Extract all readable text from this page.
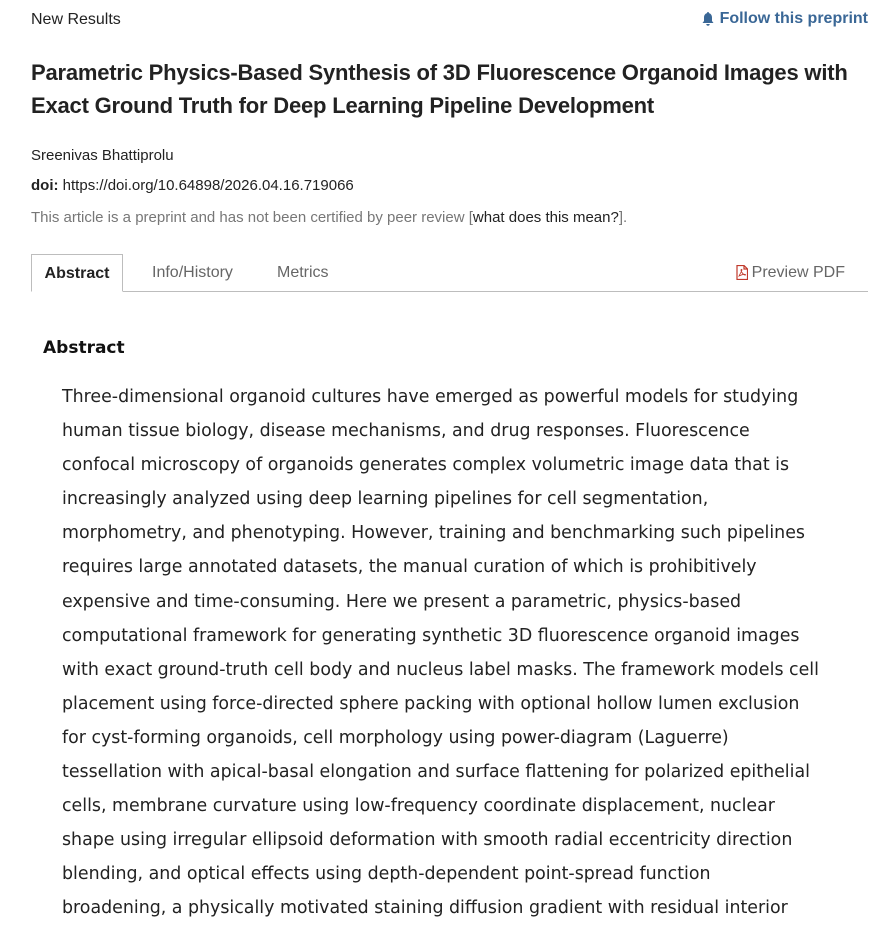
New Results	Follow this preprint
Parametric Physics-Based Synthesis of 3D Fluorescence Organoid Images with Exact Ground Truth for Deep Learning Pipeline Development
Sreenivas Bhattiprolu
doi: https://doi.org/10.64898/2026.04.16.719066
This article is a preprint and has not been certified by peer review [what does this mean?].
Abstract	Info/History	Metrics	Preview PDF
Abstract

Three-dimensional organoid cultures have emerged as powerful models for studying
human tissue biology, disease mechanisms, and drug responses. Fluorescence
confocal microscopy of organoids generates complex volumetric image data that is
increasingly analyzed using deep learning pipelines for cell segmentation,
morphometry, and phenotyping. However, training and benchmarking such pipelines
requires large annotated datasets, the manual curation of which is prohibitively
expensive and time-consuming. Here we present a parametric, physics-based
computational framework for generating synthetic 3D fluorescence organoid images
with exact ground-truth cell body and nucleus label masks. The framework models cell
placement using force-directed sphere packing with optional hollow lumen exclusion
for cyst-forming organoids, cell morphology using power-diagram (Laguerre)
tessellation with apical-basal elongation and surface flattening for polarized epithelial
cells, membrane curvature using low-frequency coordinate displacement, nuclear
shape using irregular ellipsoid deformation with smooth radial eccentricity direction
blending, and optical effects using depth-dependent point-spread function
broadening, a physically motivated staining diffusion gradient with residual interior
